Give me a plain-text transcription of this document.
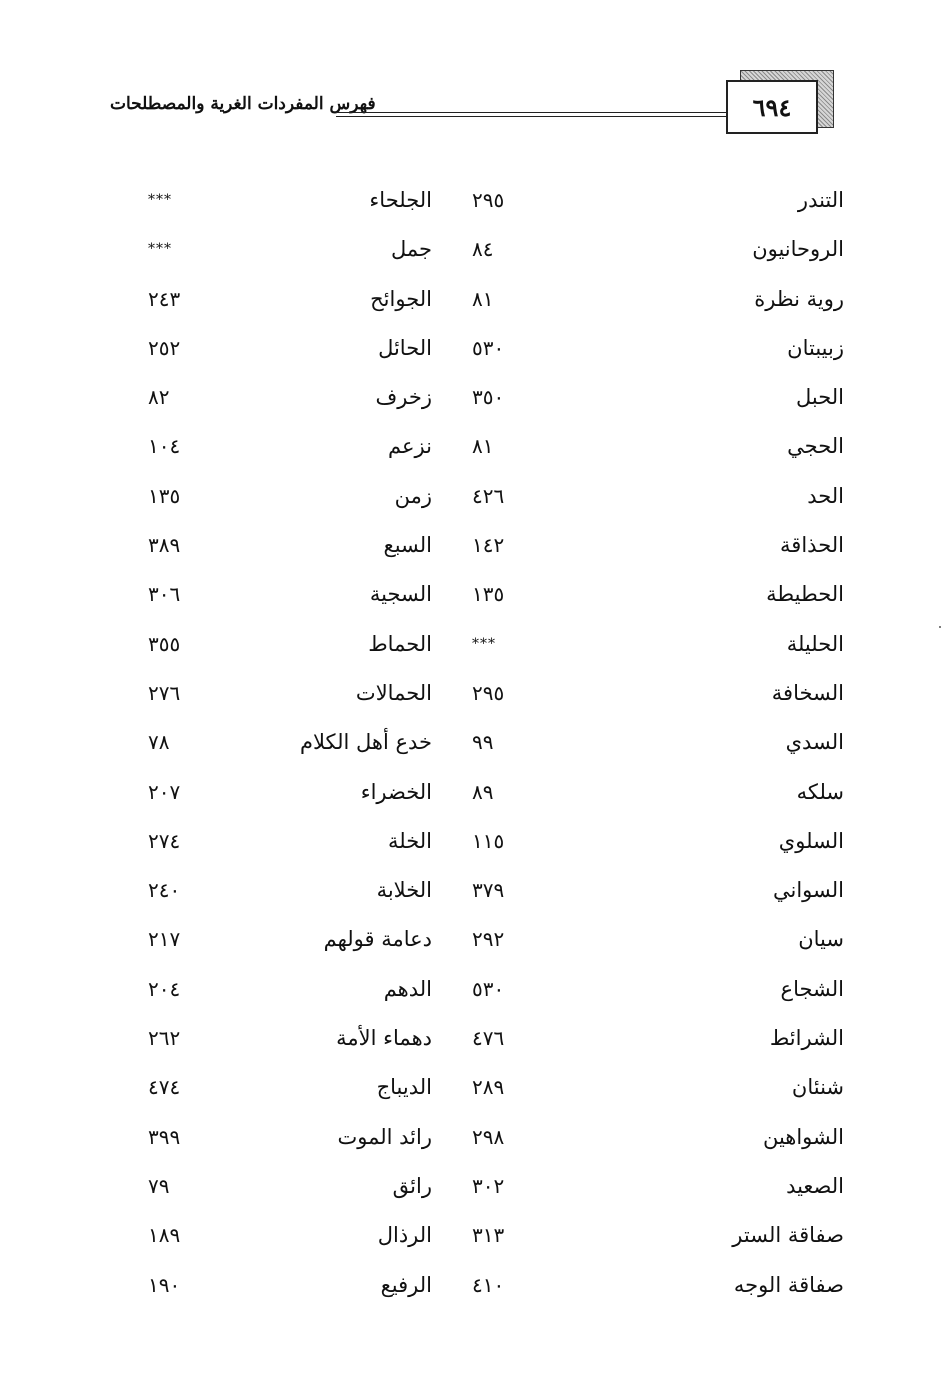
فهرس المفردات الغرية والمصطلحات	٦٩٤
التندر
٢٩٥
الجلحاء
***
الروحانيون
٨٤
جمل
***
روية نظرة
٨١
الجوائح
٢٤٣
زبيبتان
٥٣٠
الحائل
٢٥٢
الحبل
٣٥٠
زخرف
٨٢
الحجي
٨١
نزعم
١٠٤
الحد
٤٢٦
زمن
١٣٥
الحذاقة
١٤٢
السبع
٣٨٩
الحطيطة
١٣٥
السجية
٣٠٦
الحليلة
***
الحماط
٣٥٥
السخافة
٢٩٥
الحمالات
٢٧٦
السدي
٩٩
خدع أهل الكلام
٧٨
سلكه
٨٩
الخضراء
٢٠٧
السلوي
١١٥
الخلة
٢٧٤
السواني
٣٧٩
الخلابة
٢٤٠
سيان
٢٩٢
دعامة قولهم
٢١٧
الشجاع
٥٣٠
الدهم
٢٠٤
الشرائط
٤٧٦
دهماء الأمة
٢٦٢
شنئان
٢٨٩
الديباج
٤٧٤
الشواهين
٢٩٨
رائد الموت
٣٩٩
الصعيد
٣٠٢
رائق
٧٩
صفاقة الستر
٣١٣
الرذال
١٨٩
صفاقة الوجه
٤١٠
الرفيع
١٩٠
